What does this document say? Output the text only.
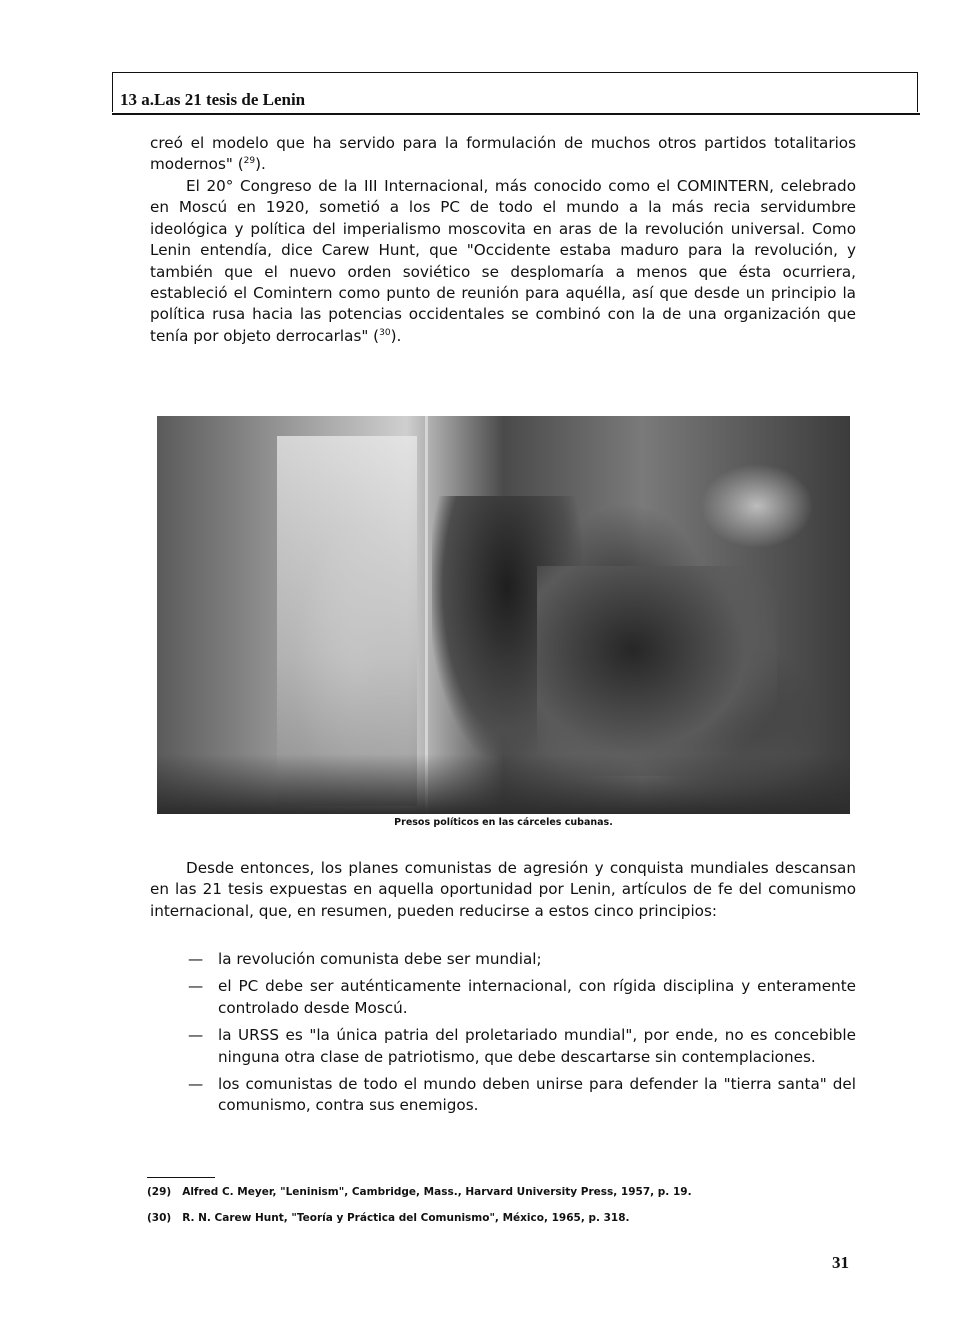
13 a.Las 21 tesis de Lenin

creó el modelo que ha servido para la formulación de muchos otros partidos totalitarios modernos" ($^{29}$).

El 20° Congreso de la III Internacional, más conocido como el COMINTERN, celebrado en Moscú en 1920, sometió a los PC de todo el mundo a la más recia servidumbre ideológica y política del imperialismo moscovita en aras de la revolución universal. Como Lenin entendía, dice Carew Hunt, que "Occidente estaba maduro para la revolución, y también que el nuevo orden soviético se desplomaría a menos que ésta ocurriera, estableció el Comintern como punto de reunión para aquélla, así que desde un principio la política rusa hacia las potencias occidentales se combinó con la de una organización que tenía por objeto derrocarlas" ($^{30}$).

Presos políticos en las cárceles cubanas.

Desde entonces, los planes comunistas de agresión y conquista mundiales descansan en las 21 tesis expuestas en aquella oportunidad por Lenin, artículos de fe del comunismo internacional, que, en resumen, pueden reducirse a estos cinco principios:

— la revolución comunista debe ser mundial;
— el PC debe ser auténticamente internacional, con rígida disciplina y enteramente controlado desde Moscú.
— la URSS es "la única patria del proletariado mundial", por ende, no es concebible ninguna otra clase de patriotismo, que debe descartarse sin contemplaciones.
— los comunistas de todo el mundo deben unirse para defender la "tierra santa" del comunismo, contra sus enemigos.
(29) Alfred C. Meyer, "Leninism", Cambridge, Mass., Harvard University Press, 1957, p. 19.
(30) R. N. Carew Hunt, "Teoría y Práctica del Comunismo", México, 1965, p. 318.
31
